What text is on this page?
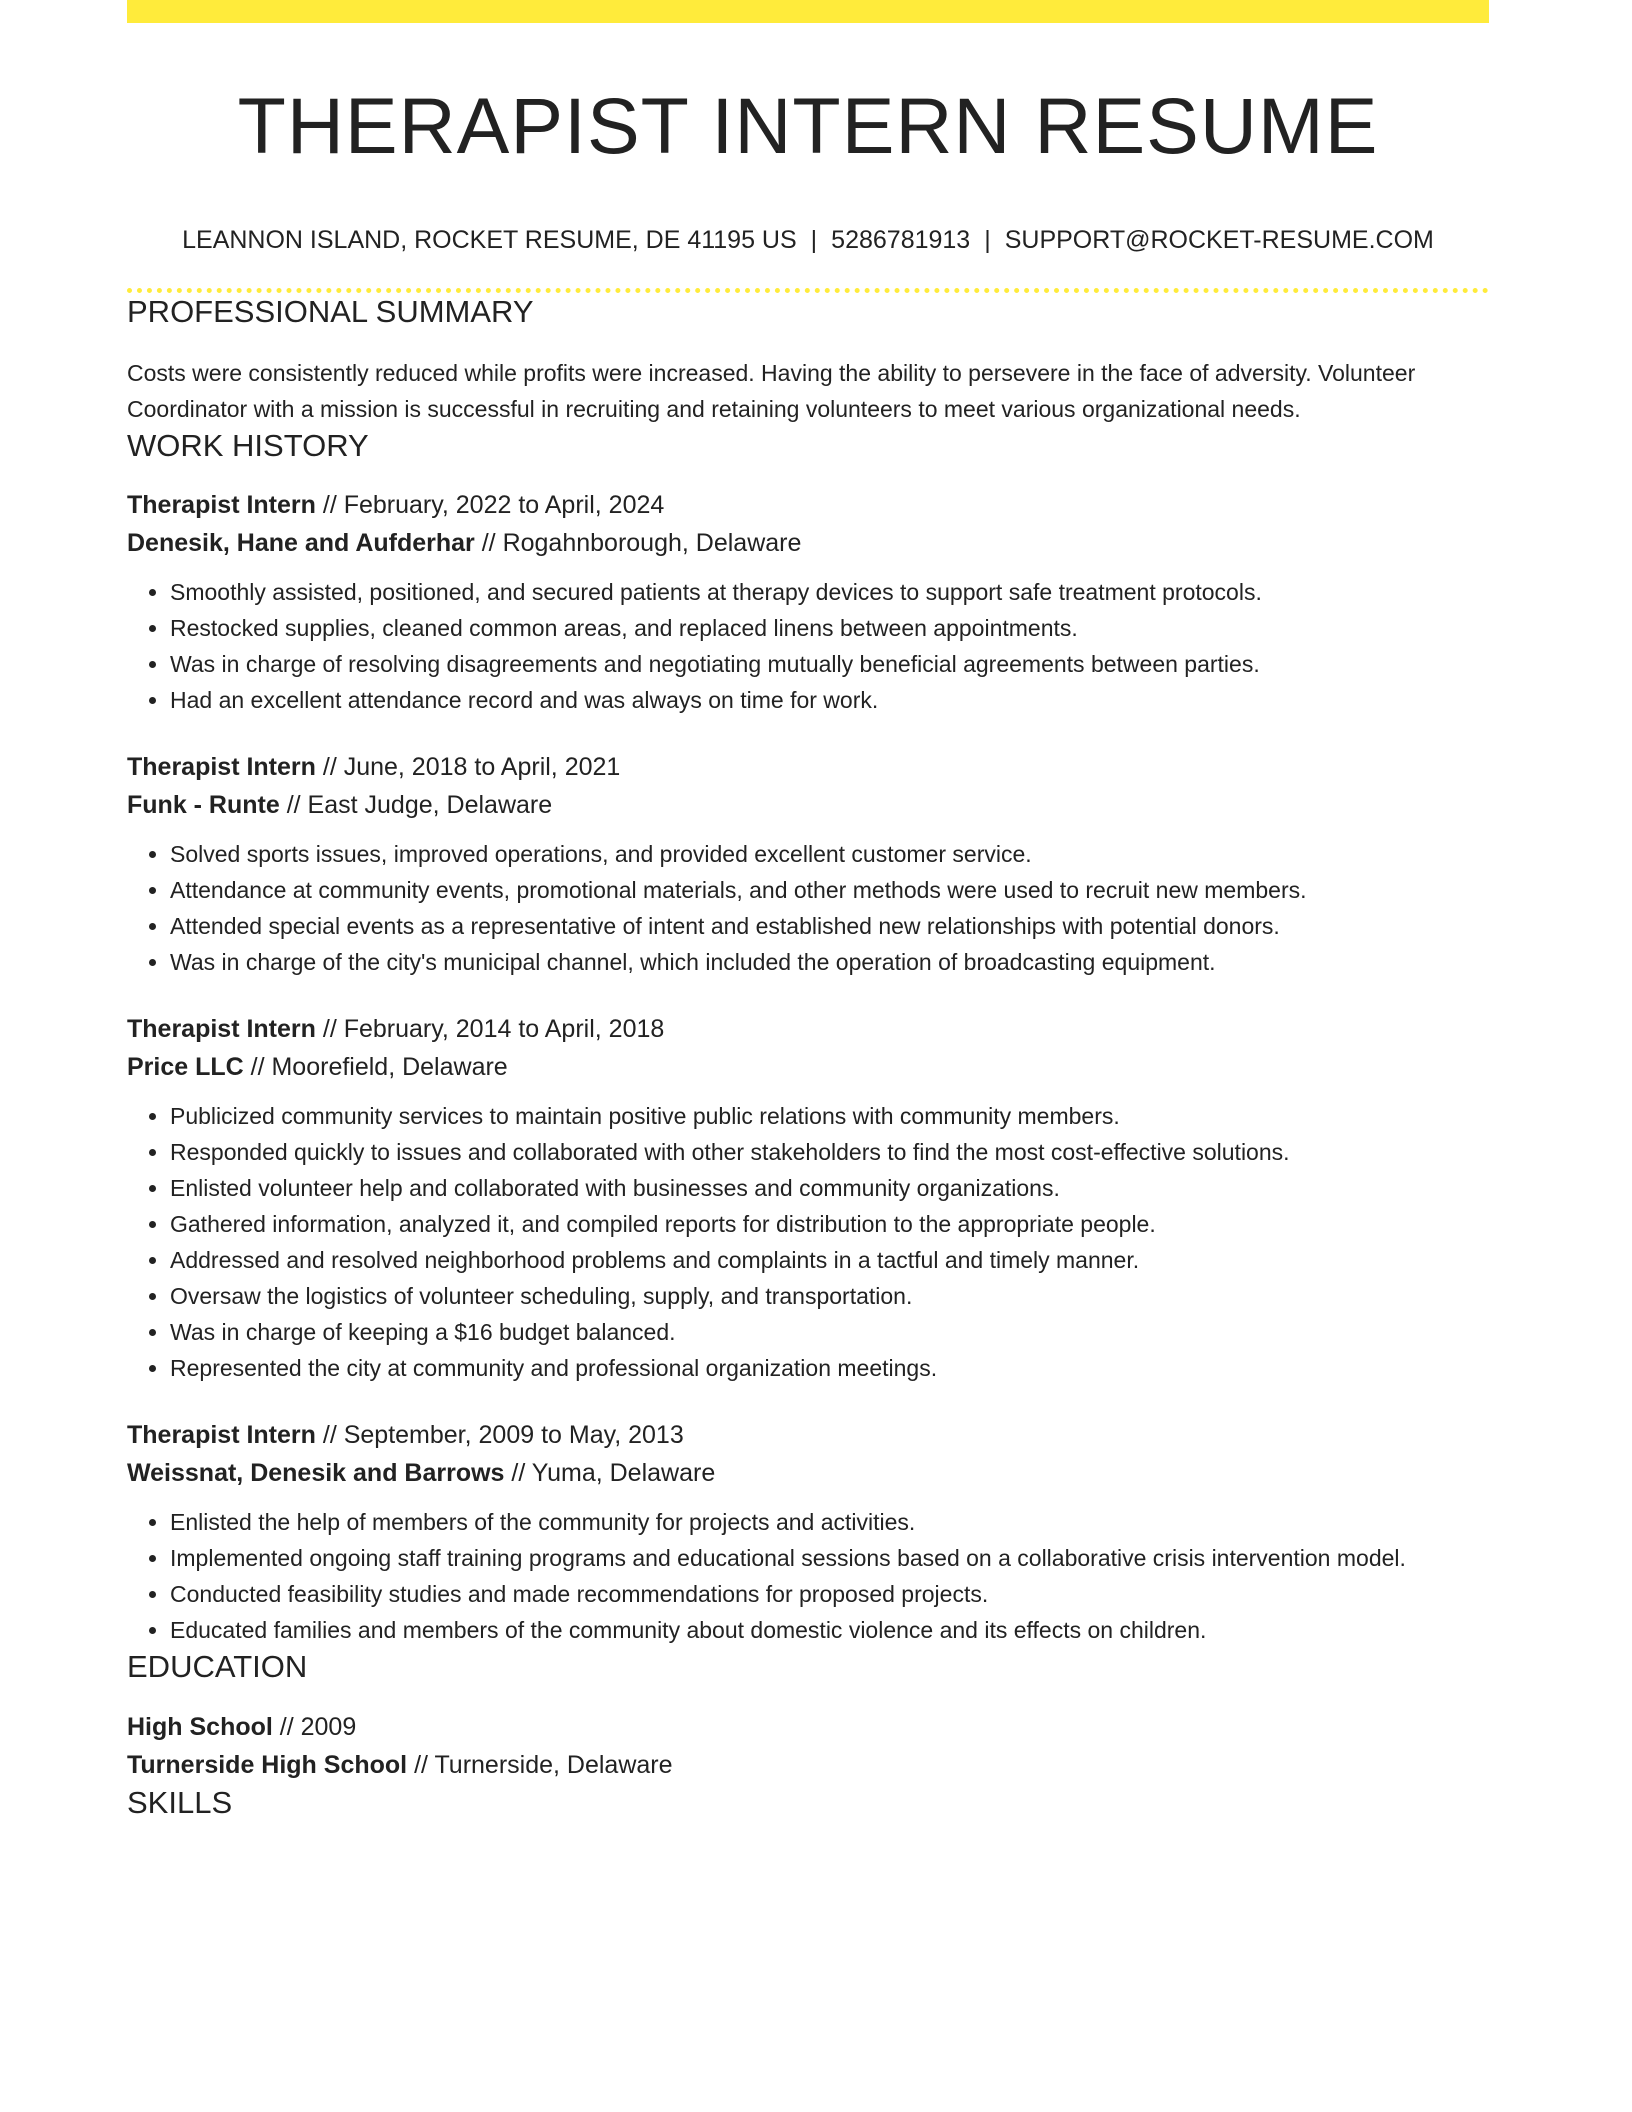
THERAPIST INTERN RESUME
LEANNON ISLAND, ROCKET RESUME, DE 41195 US | 5286781913 | SUPPORT@ROCKET-RESUME.COM
PROFESSIONAL SUMMARY
Costs were consistently reduced while profits were increased. Having the ability to persevere in the face of adversity. Volunteer Coordinator with a mission is successful in recruiting and retaining volunteers to meet various organizational needs.
WORK HISTORY
Therapist Intern // February, 2022 to April, 2024
Denesik, Hane and Aufderhar // Rogahnborough, Delaware
• Smoothly assisted, positioned, and secured patients at therapy devices to support safe treatment protocols.
• Restocked supplies, cleaned common areas, and replaced linens between appointments.
• Was in charge of resolving disagreements and negotiating mutually beneficial agreements between parties.
• Had an excellent attendance record and was always on time for work.
Therapist Intern // June, 2018 to April, 2021
Funk - Runte // East Judge, Delaware
• Solved sports issues, improved operations, and provided excellent customer service.
• Attendance at community events, promotional materials, and other methods were used to recruit new members.
• Attended special events as a representative of intent and established new relationships with potential donors.
• Was in charge of the city's municipal channel, which included the operation of broadcasting equipment.
Therapist Intern // February, 2014 to April, 2018
Price LLC // Moorefield, Delaware
• Publicized community services to maintain positive public relations with community members.
• Responded quickly to issues and collaborated with other stakeholders to find the most cost-effective solutions.
• Enlisted volunteer help and collaborated with businesses and community organizations.
• Gathered information, analyzed it, and compiled reports for distribution to the appropriate people.
• Addressed and resolved neighborhood problems and complaints in a tactful and timely manner.
• Oversaw the logistics of volunteer scheduling, supply, and transportation.
• Was in charge of keeping a $16 budget balanced.
• Represented the city at community and professional organization meetings.
Therapist Intern // September, 2009 to May, 2013
Weissnat, Denesik and Barrows // Yuma, Delaware
• Enlisted the help of members of the community for projects and activities.
• Implemented ongoing staff training programs and educational sessions based on a collaborative crisis intervention model.
• Conducted feasibility studies and made recommendations for proposed projects.
• Educated families and members of the community about domestic violence and its effects on children.
EDUCATION
High School // 2009
Turnerside High School // Turnerside, Delaware
SKILLS
